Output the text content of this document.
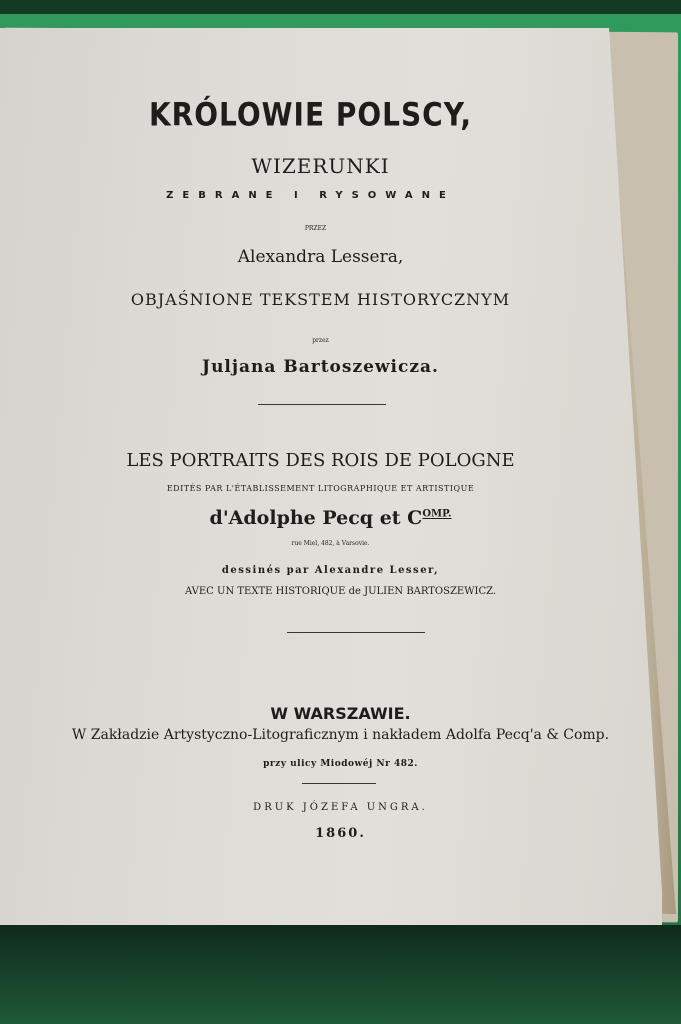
KRÓLOWIE POLSCY,
WIZERUNKI
ZEBRANE I RYSOWANE
PRZEZ
Alexandra Lessera,
OBJAŚNIONE TEKSTEM HISTORYCZNYM
przez
Juljana Bartoszewicza.
LES PORTRAITS DES ROIS DE POLOGNE
EDITÉS PAR L'ÉTABLISSEMENT LITOGRAPHIQUE ET ARTISTIQUE
d'Adolphe Pecq et $C^{OMP.}$
rue Miel, 482, à Varsovie.
dessinés par Alexandre Lesser,
AVEC UN TEXTE HISTORIQUE de JULIEN BARTOSZEWICZ.
W WARSZAWIE.
W Zakładzie Artystyczno-Litograficznym i nakładem Adolfa Pecq'a & Comp.
przy ulicy Miodowéj Nr 482.
DRUK JÓZEFA UNGRA.
1860.
